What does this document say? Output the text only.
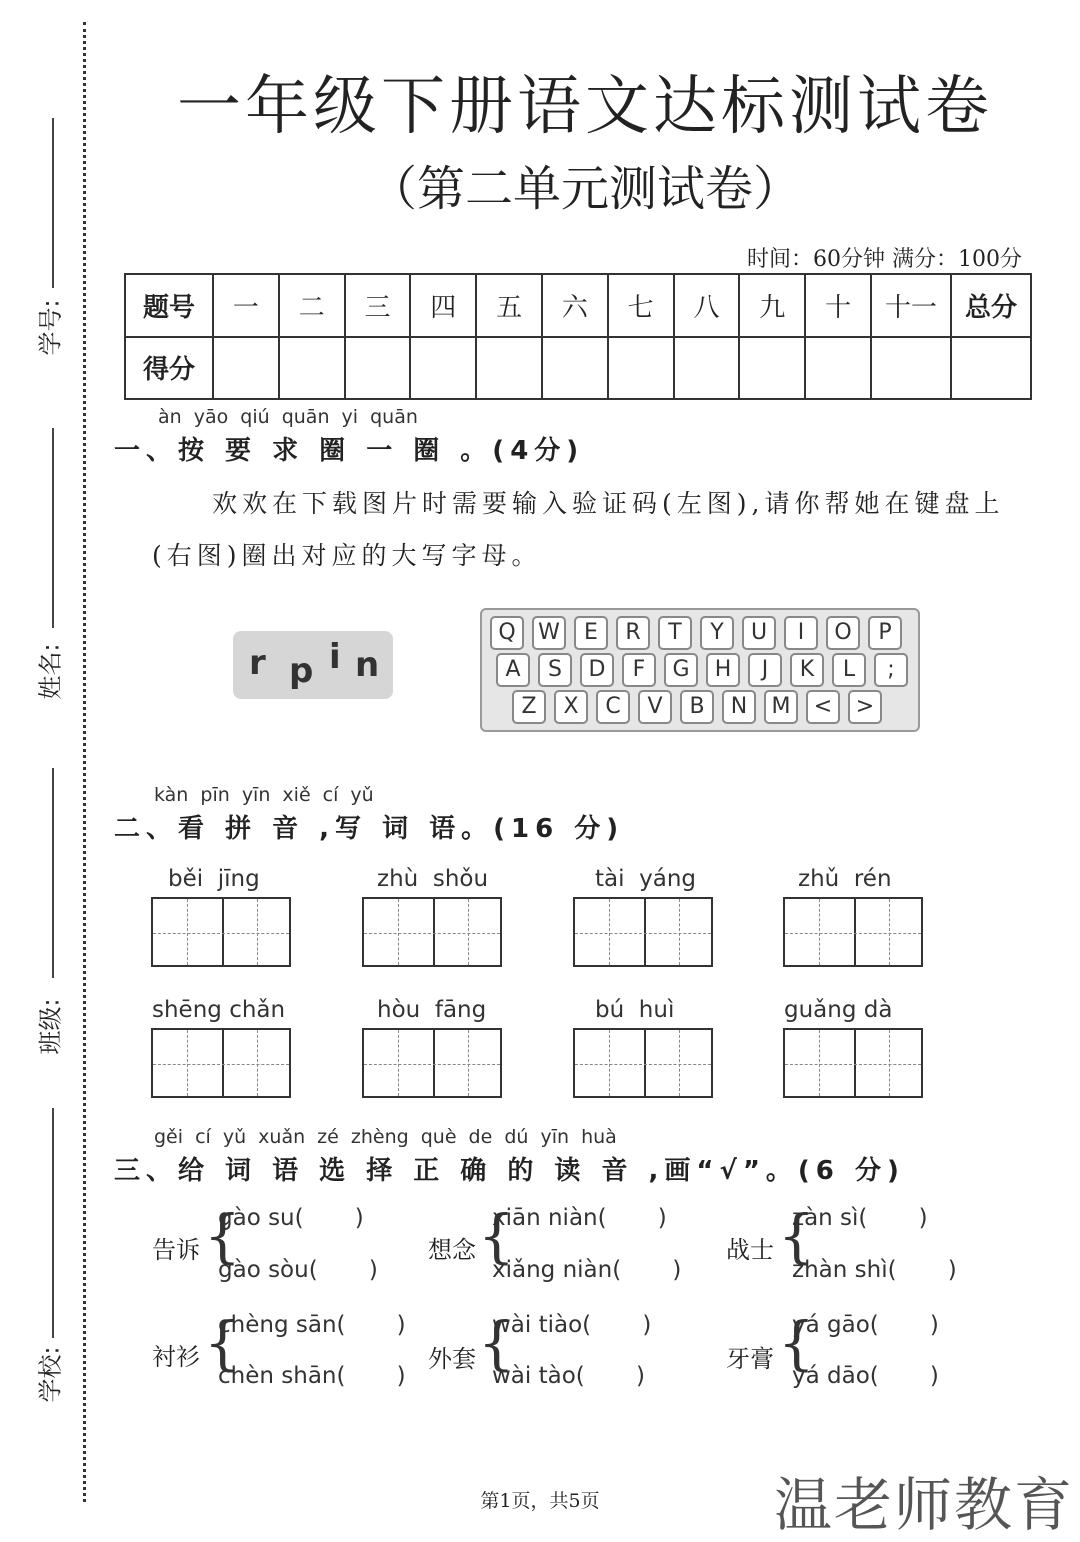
学号:
姓名:
班级:
学校:
一年级下册语文达标测试卷
（第二单元测试卷）
时间：60分钟 满分：100分
题号	一	二	三	四	五	六	七	八	九	十	十一	总分
得分												
àn yāo qiú quān yi quān
一、按 要 求 圈 一 圈 。(4分)
欢欢在下载图片时需要输入验证码(左图),请你帮她在键盘上
(右图)圈出对应的大写字母。
r p i n
Q	W	E	R	T	Y	U	I	O	P
A	S	D	F	G	H	J	K	L	;
Z	X	C	V	B	N	M	<	>
kàn pīn yīn xiě cí yǔ
二、看 拼 音 ,写 词 语。(16 分)
běi  jīng	zhù  shǒu	tài  yáng	zhǔ  rén
shēng chǎn	hòu  fāng	bú  huì	guǎng dà
gěi cí yǔ xuǎn zé zhèng què de dú yīn huà
三、给 词 语 选 择 正 确 的 读 音 ,画“√”。(6 分)
告诉 {
gào su(       )
gào sòu(       )
想念 {
xiān niàn(       )
xiǎng niàn(       )
战士 {
zàn sì(       )
zhàn shì(       )
衬衫 {
chèng sān(       )
chèn shān(       )
外套 {
wài tiào(       )
wài tào(       )
牙膏 {
yá gāo(       )
yá dāo(       )
第1页，共5页	温老师教育
